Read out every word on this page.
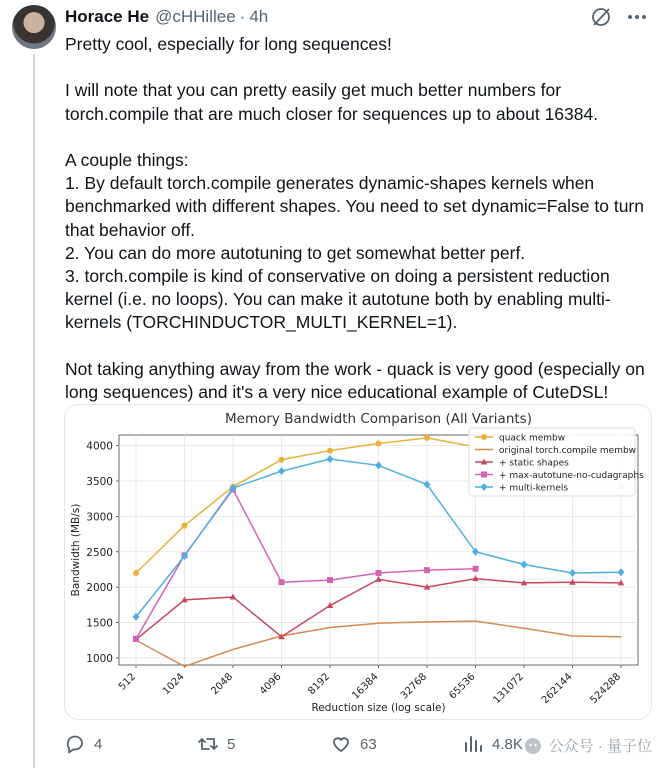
Horace He @cHHillee · 4h
Pretty cool, especially for long sequences!

I will note that you can pretty easily get much better numbers for torch.compile that are much closer for sequences up to about 16384.

A couple things:
1. By default torch.compile generates dynamic-shapes kernels when benchmarked with different shapes. You need to set dynamic=False to turn that behavior off.
2. You can do more autotuning to get somewhat better perf.
3. torch.compile is kind of conservative on doing a persistent reduction kernel (i.e. no loops). You can make it autotune both by enabling multi-kernels (TORCHINDUCTOR_MULTI_KERNEL=1).

Not taking anything away from the work - quack is very good (especially on long sequences) and it's a very nice educational example of CuteDSL!
Memory Bandwidth Comparison (All Variants)
1000
1500
2000
2500
3000
3500
4000
512 1024 2048 4096 8192 16384 32768 65536 131072 262144 524288
Reduction size (log scale)
Bandwidth (MB/s)
quack membw
original torch.compile membw
+ static shapes
+ max-autotune-no-cudagraphs
+ multi-kernels
4	5	63	4.8K 公众号 · 量子位
